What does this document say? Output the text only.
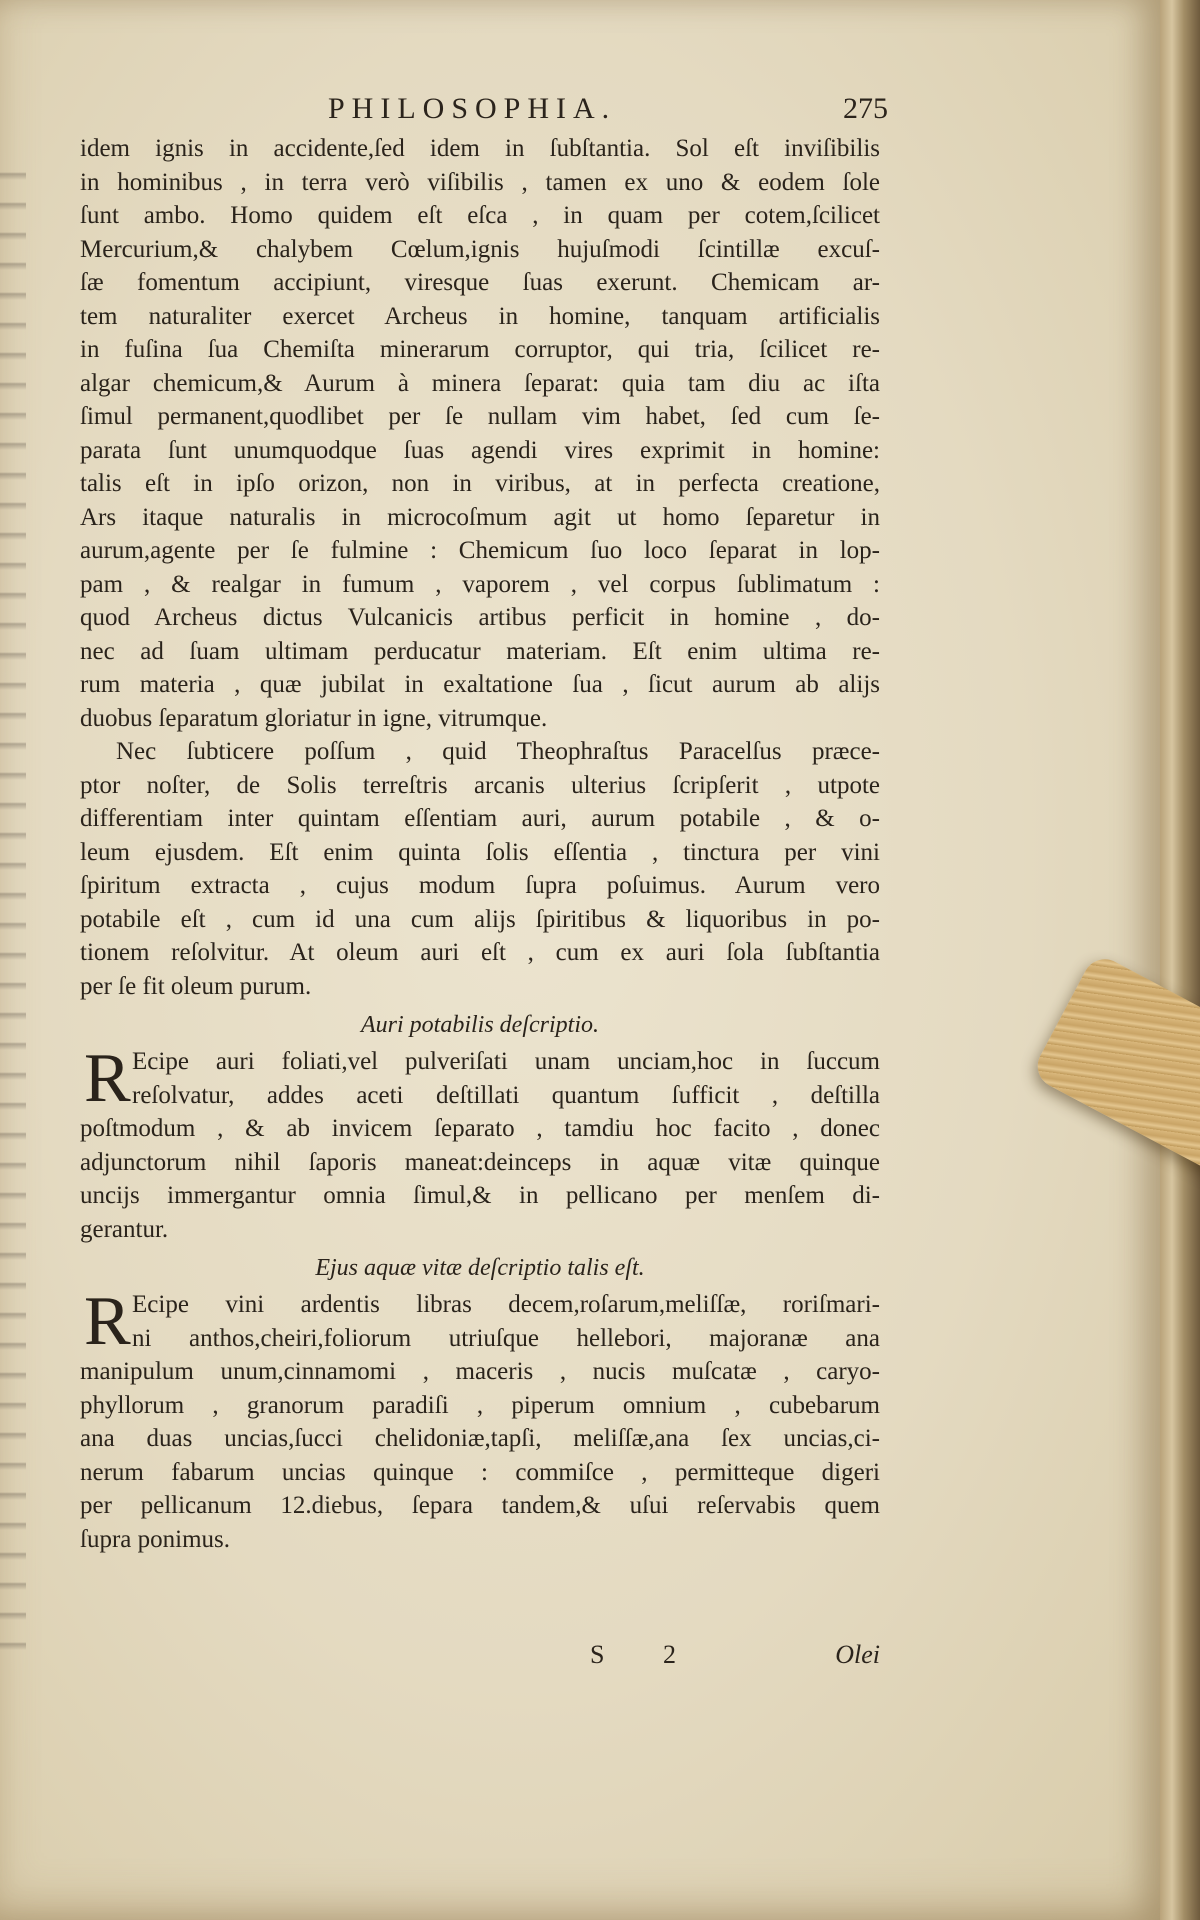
PHILOSOPHIA.	275
idem ignis in accidente,ſed idem in ſubſtantia. Sol eſt inviſibilis
in hominibus , in terra verò viſibilis , tamen ex uno & eodem ſole
ſunt ambo. Homo quidem eſt eſca , in quam per cotem,ſcilicet
Mercurium,& chalybem Cœlum,ignis hujuſmodi ſcintillæ excuſ-
ſæ fomentum accipiunt, viresque ſuas exerunt. Chemicam ar-
tem naturaliter exercet Archeus in homine, tanquam artificialis
in fuſina ſua Chemiſta minerarum corruptor, qui tria, ſcilicet re-
algar chemicum,& Aurum à minera ſeparat: quia tam diu ac iſta
ſimul permanent,quodlibet per ſe nullam vim habet, ſed cum ſe-
parata ſunt unumquodque ſuas agendi vires exprimit in homine:
talis eſt in ipſo orizon, non in viribus, at in perfecta creatione,
Ars itaque naturalis in microcoſmum agit ut homo ſeparetur in
aurum,agente per ſe fulmine : Chemicum ſuo loco ſeparat in lop-
pam , & realgar in fumum , vaporem , vel corpus ſublimatum :
quod Archeus dictus Vulcanicis artibus perficit in homine , do-
nec ad ſuam ultimam perducatur materiam. Eſt enim ultima re-
rum materia , quæ jubilat in exaltatione ſua , ſicut aurum ab alijs
duobus ſeparatum gloriatur in igne, vitrumque.
Nec ſubticere poſſum , quid Theophraſtus Paracelſus præce-
ptor noſter, de Solis terreſtris arcanis ulterius ſcripſerit , utpote
differentiam inter quintam eſſentiam auri, aurum potabile , & o-
leum ejusdem. Eſt enim quinta ſolis eſſentia , tinctura per vini
ſpiritum extracta , cujus modum ſupra poſuimus. Aurum vero
potabile eſt , cum id una cum alijs ſpiritibus & liquoribus in po-
tionem reſolvitur. At oleum auri eſt , cum ex auri ſola ſubſtantia
per ſe fit oleum purum.
Auri potabilis deſcriptio.
R Ecipe auri foliati,vel pulveriſati unam unciam,hoc in ſuccum
reſolvatur, addes aceti deſtillati quantum ſufficit , deſtilla
poſtmodum , & ab invicem ſeparato , tamdiu hoc facito , donec
adjunctorum nihil ſaporis maneat:deinceps in aquæ vitæ quinque
uncijs immergantur omnia ſimul,& in pellicano per menſem di-
gerantur.
Ejus aquæ vitæ deſcriptio talis eſt.
R Ecipe vini ardentis libras decem,roſarum,meliſſæ, roriſmari-
ni anthos,cheiri,foliorum utriuſque hellebori, majoranæ ana
manipulum unum,cinnamomi , maceris , nucis muſcatæ , caryo-
phyllorum , granorum paradiſi , piperum omnium , cubebarum
ana duas uncias,ſucci chelidoniæ,tapſi, meliſſæ,ana ſex uncias,ci-
nerum fabarum uncias quinque : commiſce , permitteque digeri
per pellicanum 12.diebus, ſepara tandem,& uſui reſervabis quem
ſupra ponimus.
S 2	Olei
